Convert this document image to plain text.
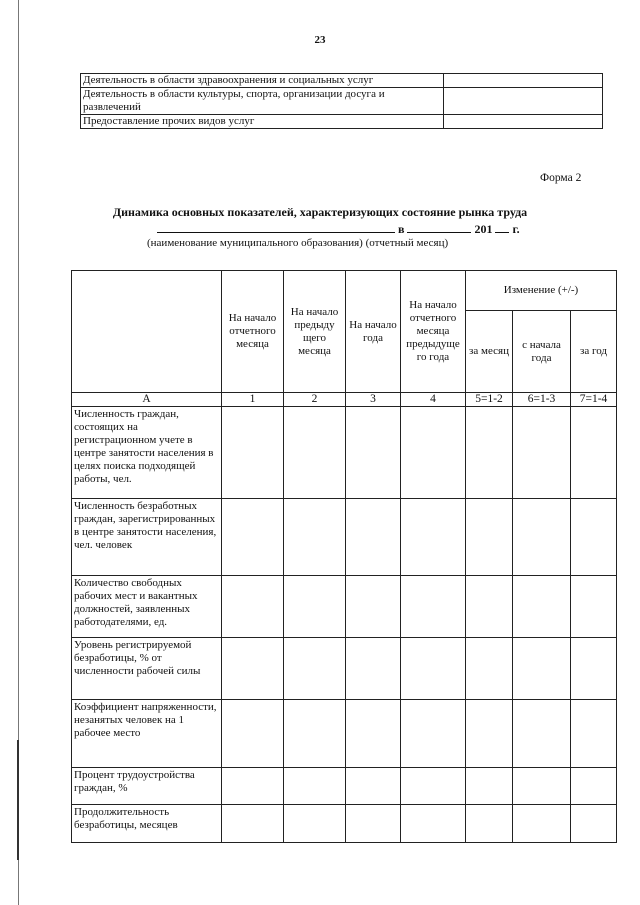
23
Деятельность в области здравоохранения и социальных услуг	
Деятельность в области культуры, спорта, организации досуга и развлечений	
Предоставление прочих видов услуг	
Форма 2
Динамика основных показателей, характеризующих состояние рынка труда
в	201 г.
(наименование муниципального образования) (отчетный месяц)
	На начало отчетного месяца	На начало предыду щего месяца	На начало года	На начало отчетного месяца предыдуще го года	Изменение (+/-)		
					за месяц	с начала года	за год
А	1	2	3	4	5=1-2	6=1-3	7=1-4
Численность граждан, состоящих на регистрационном учете в центре занятости населения в целях поиска подходящей работы, чел.							
Численность безработных граждан, зарегистрированных в центре занятости населения, чел. человек							
Количество свободных рабочих мест и вакантных должностей, заявленных работодателями, ед.							
Уровень регистрируемой безработицы, % от численности рабочей силы							
Коэффициент напряженности, незанятых человек на 1 рабочее место							
Процент трудоустройства граждан, %							
Продолжительность безработицы, месяцев							
